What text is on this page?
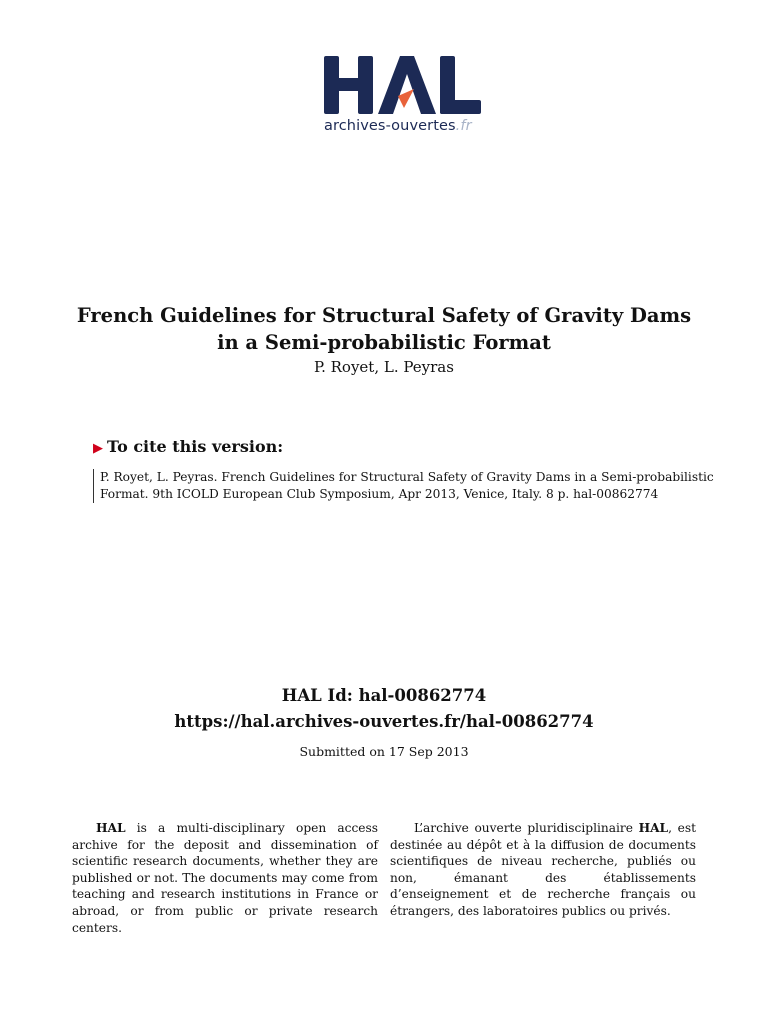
archives-ouvertes.fr
French Guidelines for Structural Safety of Gravity Dams
in a Semi-probabilistic Format
P. Royet, L. Peyras
▶ To cite this version:
P. Royet, L. Peyras. French Guidelines for Structural Safety of Gravity Dams in a Semi-probabilistic
Format. 9th ICOLD European Club Symposium, Apr 2013, Venice, Italy. 8 p. hal-00862774
HAL Id: hal-00862774
https://hal.archives-ouvertes.fr/hal-00862774
Submitted on 17 Sep 2013
HAL is a multi-disciplinary open access archive for the deposit and dissemination of scientific research documents, whether they are published or not. The documents may come from teaching and research institutions in France or abroad, or from public or private research centers.
L’archive ouverte pluridisciplinaire HAL, est destinée au dépôt et à la diffusion de documents scientifiques de niveau recherche, publiés ou non, émanant des établissements d’enseignement et de recherche français ou étrangers, des laboratoires publics ou privés.
